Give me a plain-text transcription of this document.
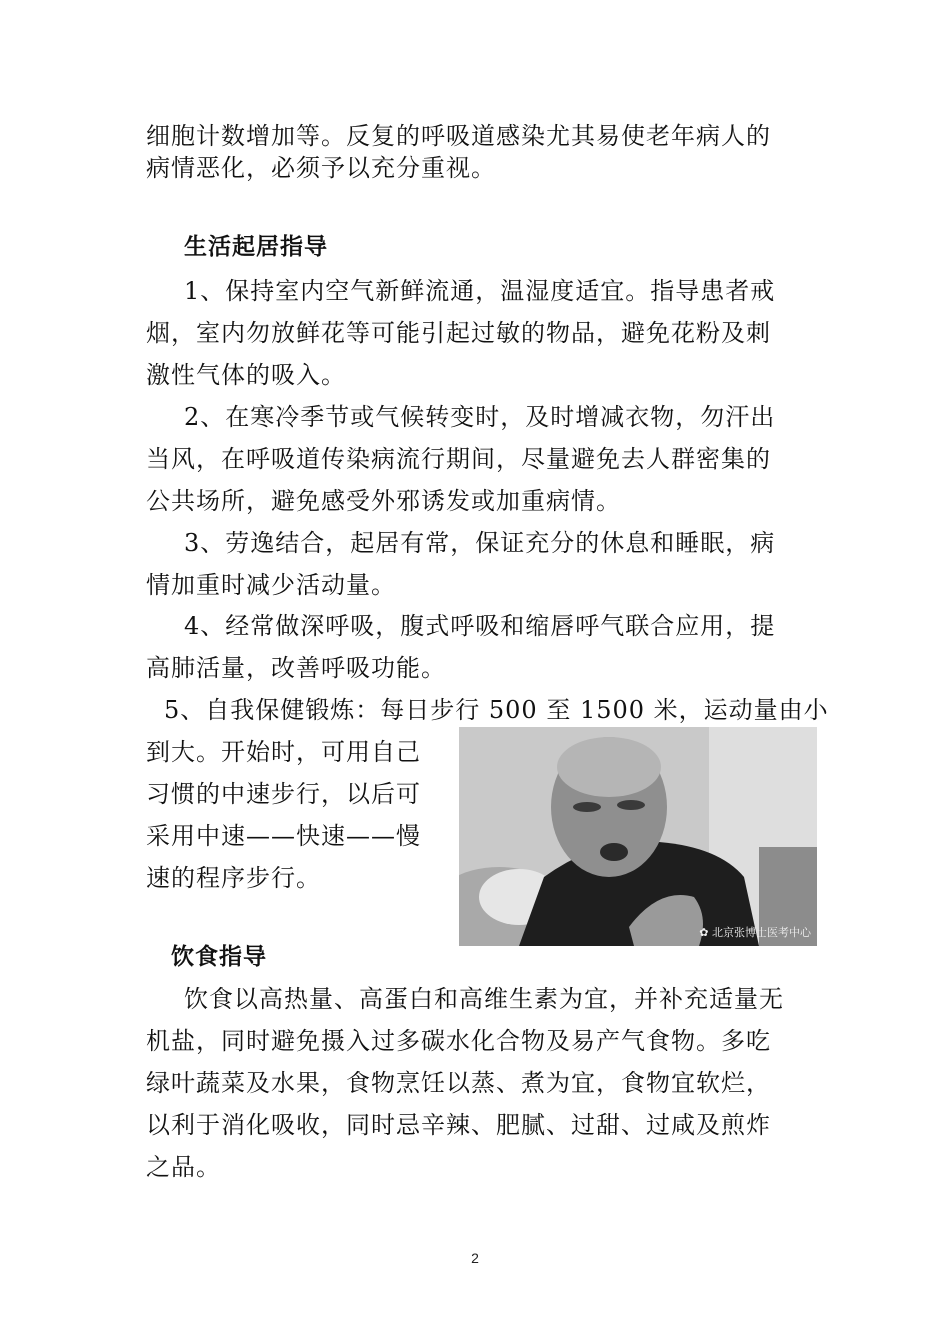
细胞计数增加等。反复的呼吸道感染尤其易使老年病人的
病情恶化，必须予以充分重视。
生活起居指导
1、保持室内空气新鲜流通，温湿度适宜。指导患者戒
烟，室内勿放鲜花等可能引起过敏的物品，避免花粉及刺
激性气体的吸入。
2、在寒冷季节或气候转变时，及时增减衣物，勿汗出
当风，在呼吸道传染病流行期间，尽量避免去人群密集的
公共场所，避免感受外邪诱发或加重病情。
3、劳逸结合，起居有常，保证充分的休息和睡眠，病
情加重时减少活动量。
4、经常做深呼吸，腹式呼吸和缩唇呼气联合应用，提
高肺活量，改善呼吸功能。
5、自我保健锻炼：每日步行 500 至 1500 米，运动量由小
到大。开始时，可用自己
习惯的中速步行，以后可
采用中速——快速——慢
速的程序步行。
✿ 北京张博士医考中心
饮食指导
饮食以高热量、高蛋白和高维生素为宜，并补充适量无
机盐，同时避免摄入过多碳水化合物及易产气食物。多吃
绿叶蔬菜及水果，食物烹饪以蒸、煮为宜，食物宜软烂，
以利于消化吸收，同时忌辛辣、肥腻、过甜、过咸及煎炸
之品。
2
